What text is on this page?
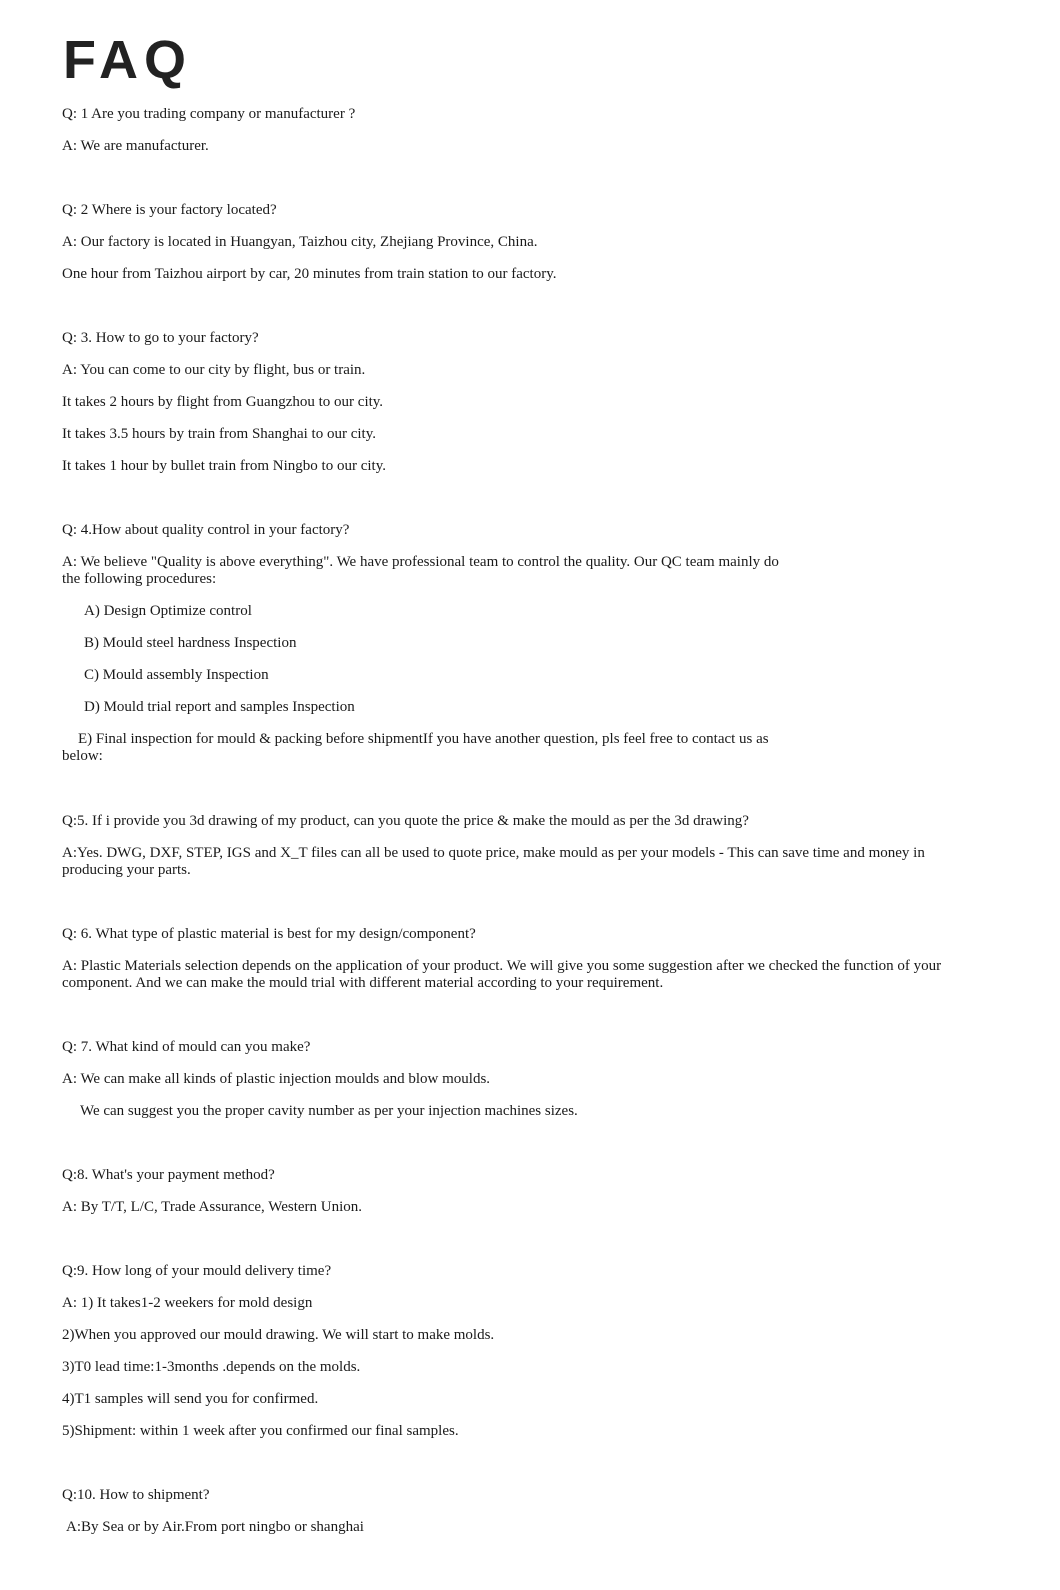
FAQ

Q: 1 Are you trading company or manufacturer ?

A: We are manufacturer.

Q: 2 Where is your factory located?

A: Our factory is located in Huangyan, Taizhou city, Zhejiang Province, China.

One hour from Taizhou airport by car, 20 minutes from train station to our factory.

Q: 3. How to go to your factory?

A: You can come to our city by flight, bus or train.

It takes 2 hours by flight from Guangzhou to our city.

It takes 3.5 hours by train from Shanghai to our city.

It takes 1 hour by bullet train from Ningbo to our city.

Q: 4.How about quality control in your factory?

A: We believe "Quality is above everything". We have professional team to control the quality. Our QC team mainly do the following procedures:

A) Design Optimize control

B) Mould steel hardness Inspection

C) Mould assembly Inspection

D) Mould trial report and samples Inspection

E) Final inspection for mould & packing before shipmentIf you have another question, pls feel free to contact us as below:

Q:5. If i provide you 3d drawing of my product, can you quote the price & make the mould as per the 3d drawing?

A:Yes. DWG, DXF, STEP, IGS and X_T files can all be used to quote price, make mould as per your models - This can save time and money in producing your parts.

Q: 6. What type of plastic material is best for my design/component?

A: Plastic Materials selection depends on the application of your product. We will give you some suggestion after we checked the function of your component. And we can make the mould trial with different material according to your requirement.

Q: 7. What kind of mould can you make?

A: We can make all kinds of plastic injection moulds and blow moulds.

We can suggest you the proper cavity number as per your injection machines sizes.

Q:8. What's your payment method?

A: By T/T, L/C, Trade Assurance, Western Union.

Q:9. How long of your mould delivery time?

A: 1) It takes1-2 weekers for mold design

2)When you approved our mould drawing. We will start to make molds.

3)T0 lead time:1-3months .depends on the molds.

4)T1 samples will send you for confirmed.

5)Shipment: within 1 week after you confirmed our final samples.

Q:10. How to shipment?

A:By Sea or by Air.From port ningbo or shanghai
